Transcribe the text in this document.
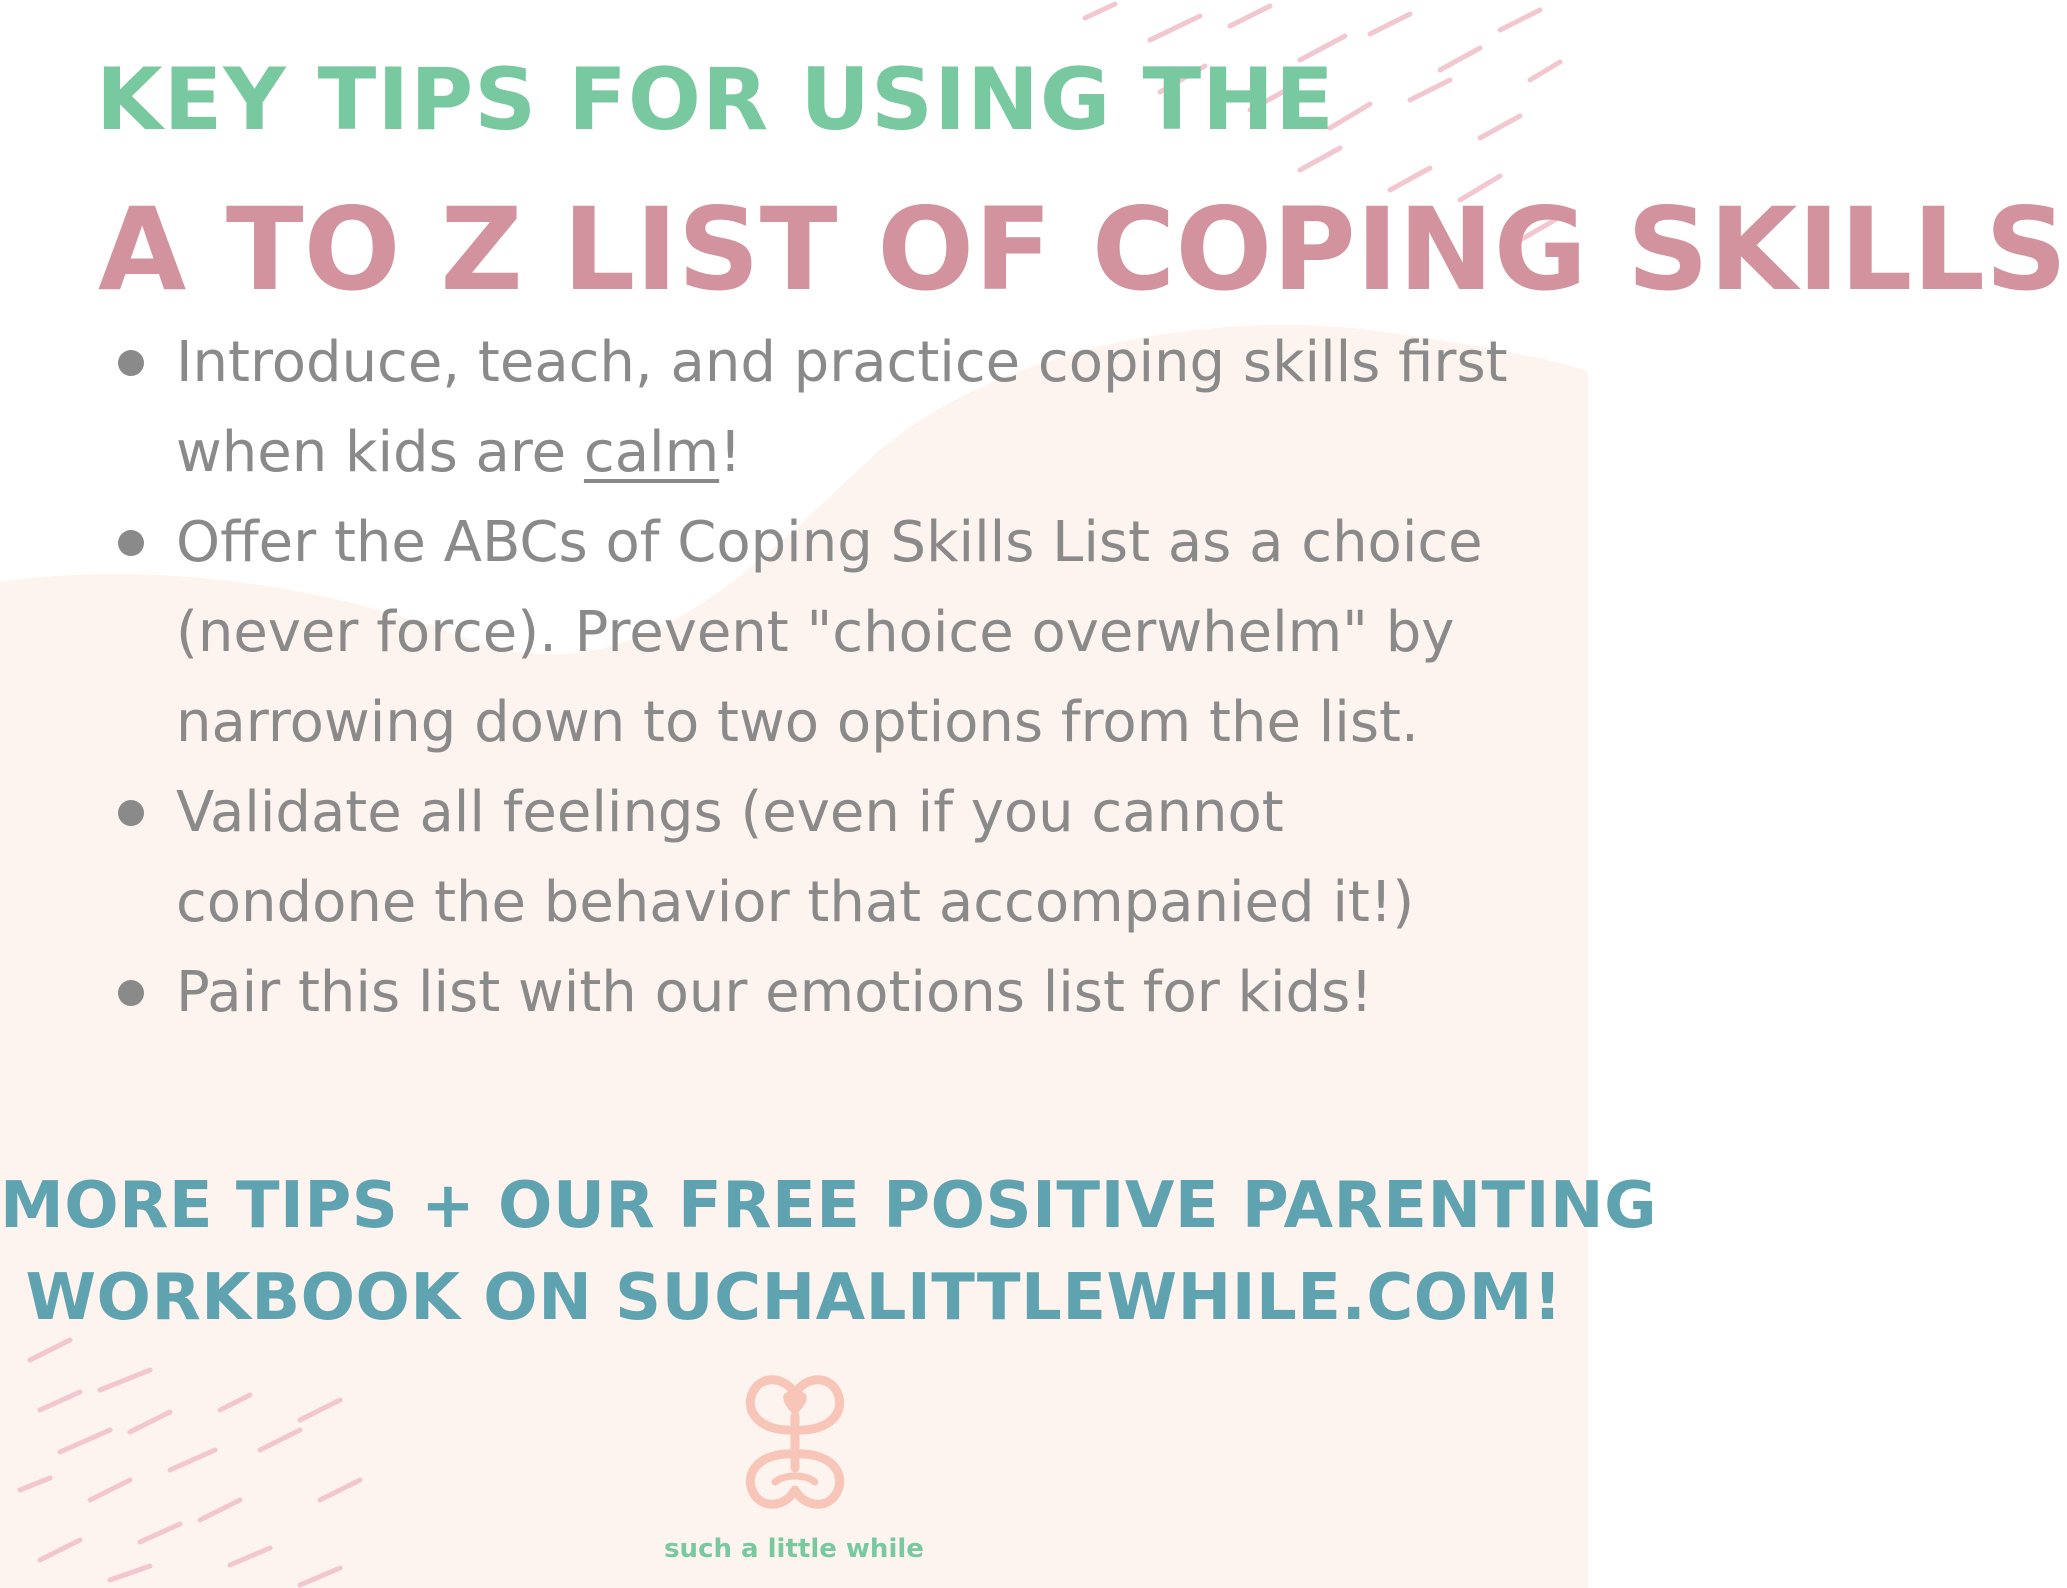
KEY TIPS FOR USING THE
A TO Z LIST OF COPING SKILLS
Introduce, teach, and practice coping skills first when kids are calm!
Offer the ABCs of Coping Skills List as a choice (never force). Prevent "choice overwhelm" by narrowing down to two options from the list.
Validate all feelings (even if you cannot condone the behavior that accompanied it!)
Pair this list with our emotions list for kids!

MORE TIPS + OUR FREE POSITIVE PARENTING
WORKBOOK ON SUCHALITTLEWHILE.COM!

such a little while
